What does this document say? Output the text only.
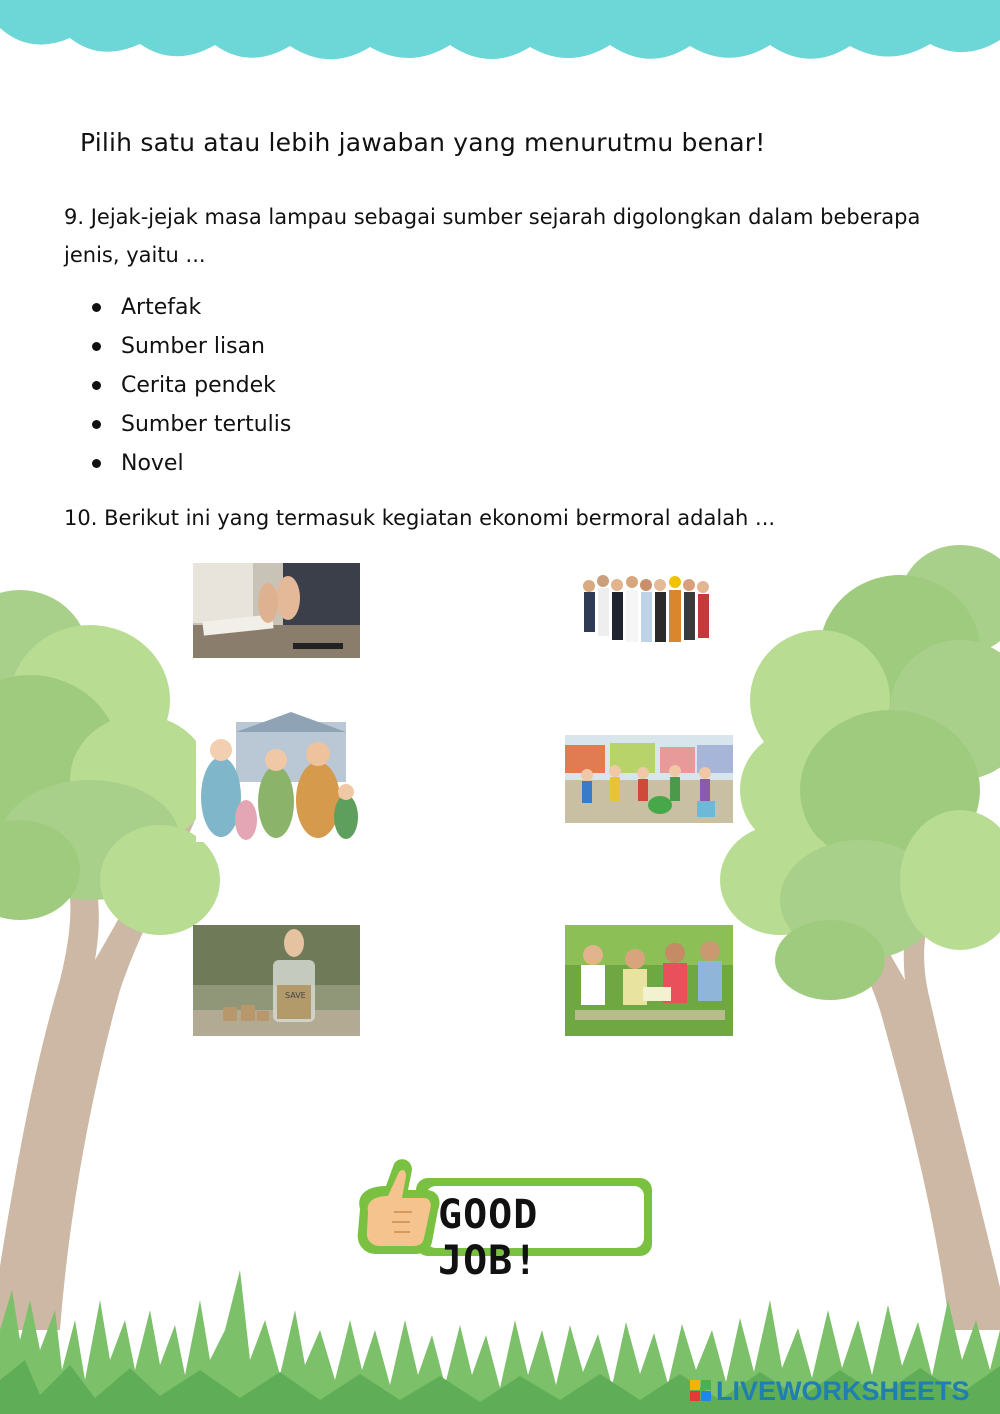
Pilih satu atau lebih jawaban yang menurutmu benar!
9. Jejak-jejak masa lampau sebagai sumber sejarah digolongkan dalam beberapa jenis, yaitu ...
Artefak
Sumber lisan
Cerita pendek
Sumber tertulis
Novel
10. Berikut ini yang termasuk kegiatan ekonomi bermoral adalah ...
SAVE
GOOD JOB!
LIVEWORKSHEETS
